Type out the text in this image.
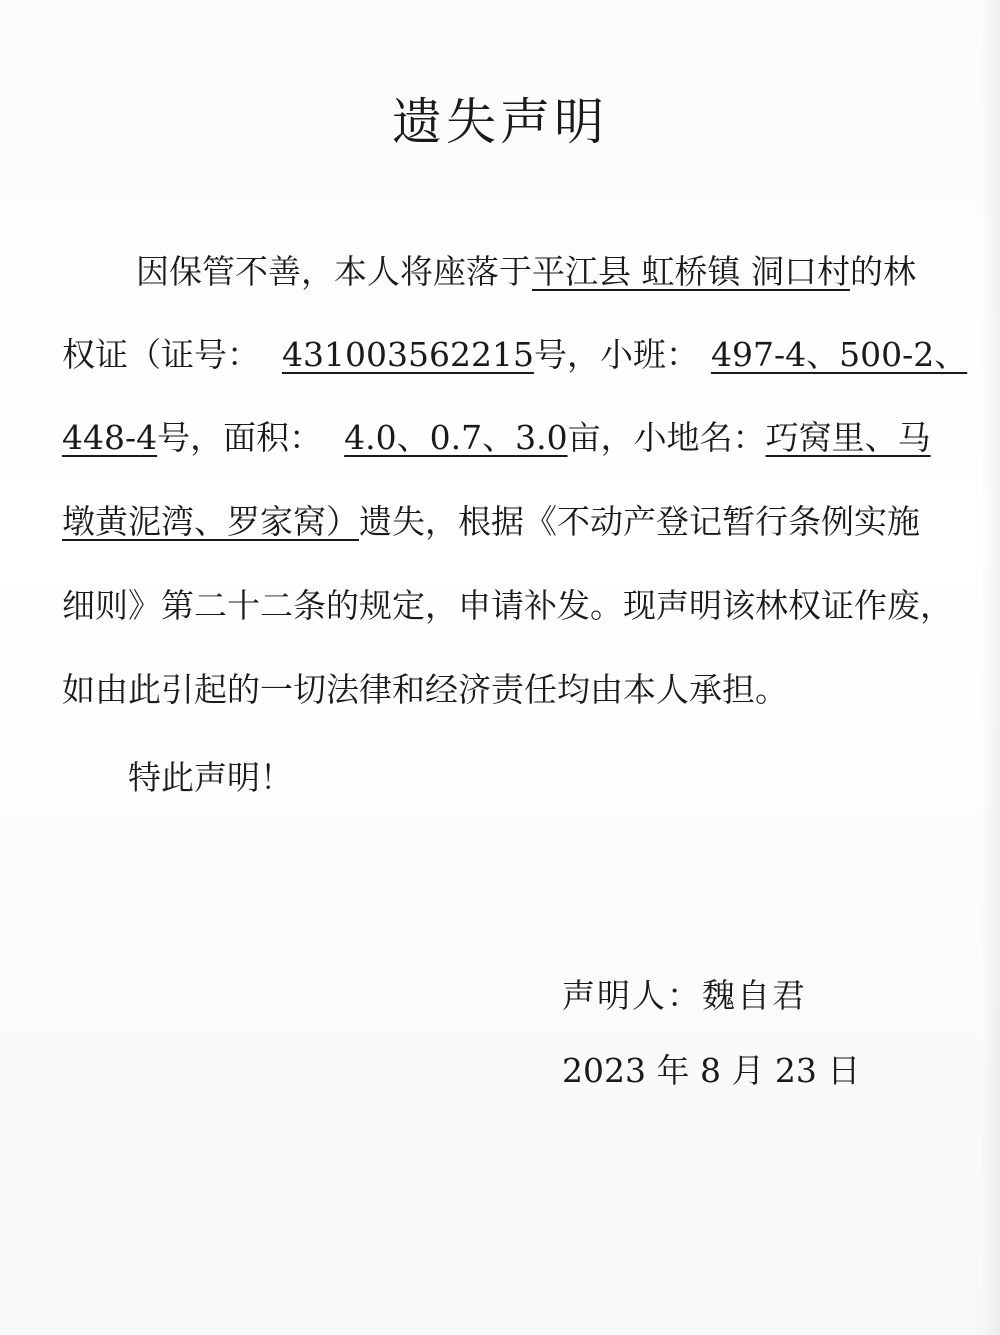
遗失声明
因保管不善，本人将座落于平江县 虹桥镇 洞口村的林
权证（证号： 431003562215号，小班： 497-4、500-2、
448-4号，面积： 4.0、0.7、3.0亩，小地名：巧窝里、马
墩黄泥湾、罗家窝）遗失，根据《不动产登记暂行条例实施
细则》第二十二条的规定，申请补发。现声明该林权证作废，
如由此引起的一切法律和经济责任均由本人承担。
特此声明！
声明人：魏自君
2023 年 8 月 23 日
